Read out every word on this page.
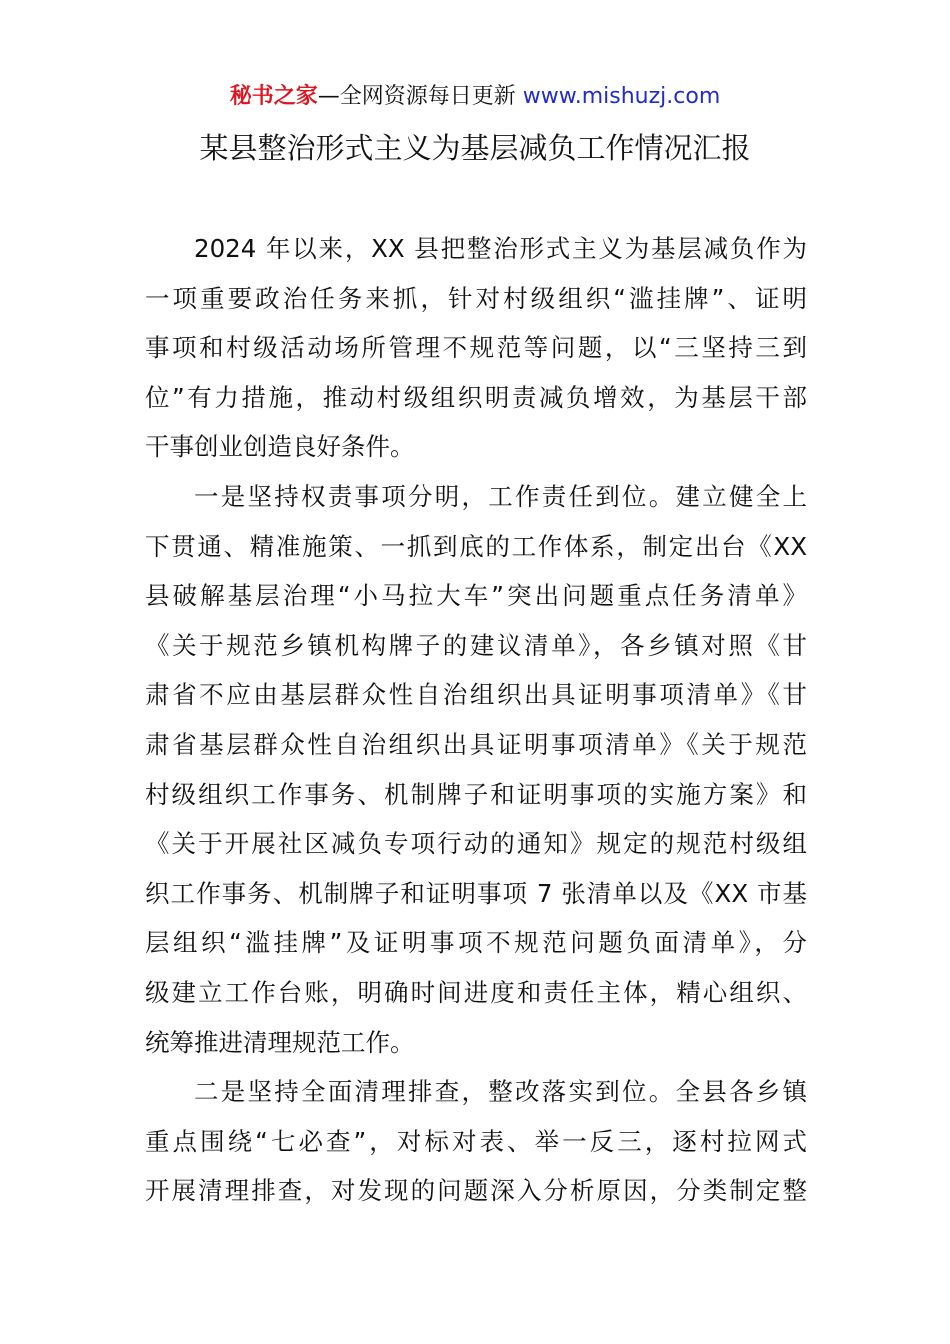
秘书之家—全网资源每日更新 www.mishuzj.com
某县整治形式主义为基层减负工作情况汇报
2024 年以来，XX 县把整治形式主义为基层减负作为
一项重要政治任务来抓，针对村级组织“滥挂牌”、证明
事项和村级活动场所管理不规范等问题，以“三坚持三到
位”有力措施，推动村级组织明责减负增效，为基层干部
干事创业创造良好条件。
一是坚持权责事项分明，工作责任到位。建立健全上
下贯通、精准施策、一抓到底的工作体系，制定出台《XX
县破解基层治理“小马拉大车”突出问题重点任务清单》
《关于规范乡镇机构牌子的建议清单》，各乡镇对照《甘
肃省不应由基层群众性自治组织出具证明事项清单》《甘
肃省基层群众性自治组织出具证明事项清单》《关于规范
村级组织工作事务、机制牌子和证明事项的实施方案》和
《关于开展社区减负专项行动的通知》规定的规范村级组
织工作事务、机制牌子和证明事项 7 张清单以及《XX 市基
层组织“滥挂牌”及证明事项不规范问题负面清单》，分
级建立工作台账，明确时间进度和责任主体，精心组织、
统筹推进清理规范工作。
二是坚持全面清理排查，整改落实到位。全县各乡镇
重点围绕“七必查”，对标对表、举一反三，逐村拉网式
开展清理排查，对发现的问题深入分析原因，分类制定整
